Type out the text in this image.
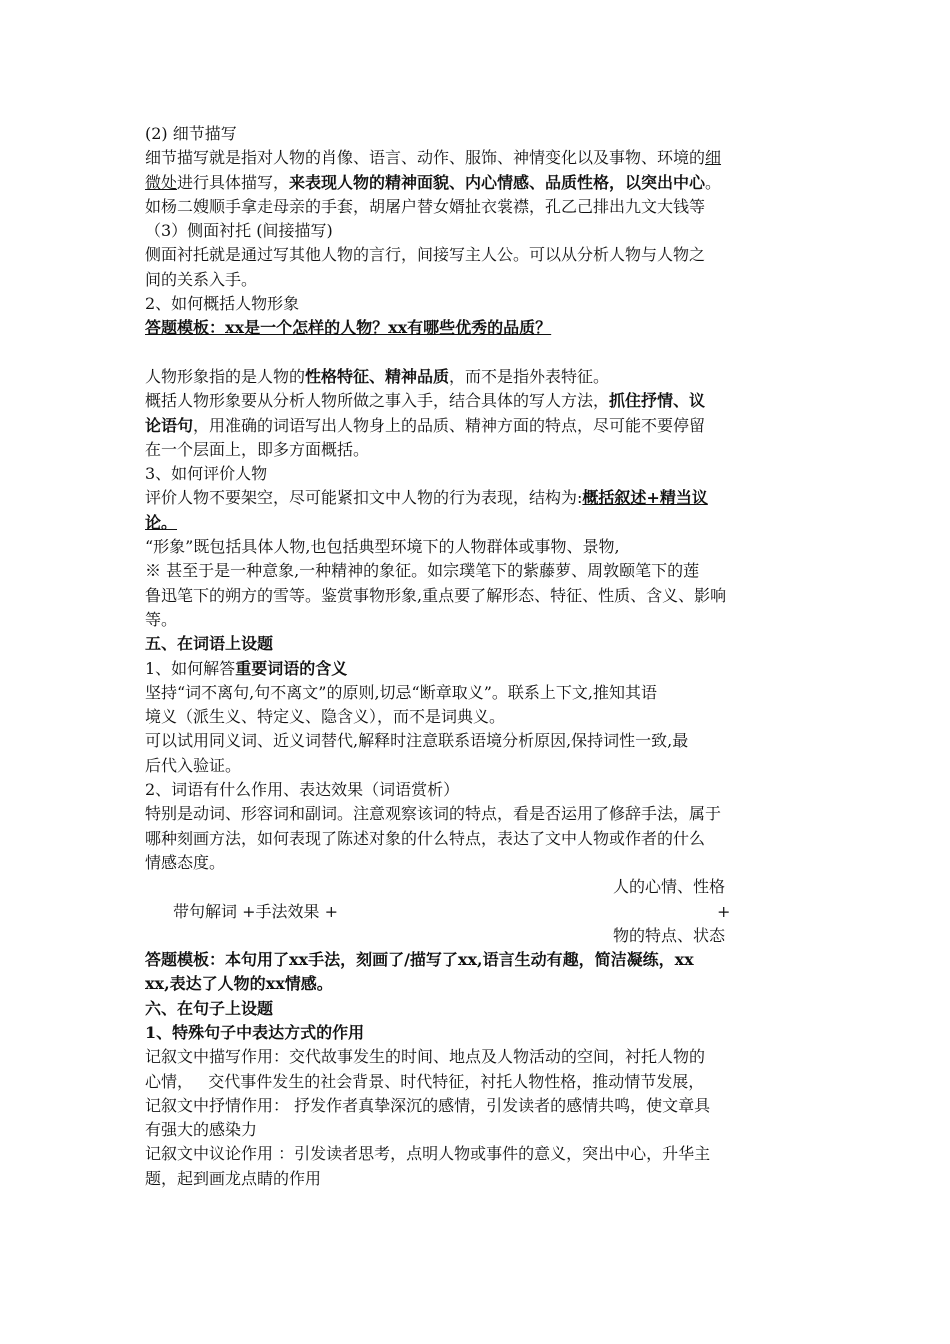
(2) 细节描写
细节描写就是指对人物的肖像、语言、动作、服饰、神情变化以及事物、环境的细
微处进行具体描写，来表现人物的精神面貌、内心情感、品质性格，以突出中心。
如杨二嫂顺手拿走母亲的手套，胡屠户替女婿扯衣裳襟，孔乙己排出九文大钱等
（3）侧面衬托 (间接描写)
侧面衬托就是通过写其他人物的言行，间接写主人公。可以从分析人物与人物之
间的关系入手。
2、如何概括人物形象
答题模板：xx是一个怎样的人物？xx有哪些优秀的品质？
人物形象指的是人物的性格特征、精神品质，而不是指外表特征。
概括人物形象要从分析人物所做之事入手，结合具体的写人方法，抓住抒情、议
论语句，用准确的词语写出人物身上的品质、精神方面的特点，尽可能不要停留
在一个层面上，即多方面概括。
3、如何评价人物
评价人物不要架空，尽可能紧扣文中人物的行为表现，结构为:概括叙述+精当议
论。
“形象”既包括具体人物,也包括典型环境下的人物群体或事物、景物,
※ 甚至于是一种意象,一种精神的象征。如宗璞笔下的紫藤萝、周敦颐笔下的莲
鲁迅笔下的朔方的雪等。鉴赏事物形象,重点要了解形态、特征、性质、含义、影响
等。
五、在词语上设题
1、如何解答重要词语的含义
坚持“词不离句,句不离文”的原则,切忌“断章取义”。联系上下文,推知其语
境义（派生义、特定义、隐含义），而不是词典义。
可以试用同义词、近义词替代,解释时注意联系语境分析原因,保持词性一致,最
后代入验证。
2、词语有什么作用、表达效果（词语赏析）
特别是动词、形容词和副词。注意观察该词的特点，看是否运用了修辞手法，属于
哪种刻画方法，如何表现了陈述对象的什么特点，表达了文中人物或作者的什么
情感态度。
人的心情、性格
带句解词 +手法效果 +	+
物的特点、状态
答题模板：本句用了xx手法，刻画了/描写了xx,语言生动有趣，简洁凝练，xx
xx,表达了人物的xx情感。
六、在句子上设题
1、特殊句子中表达方式的作用
记叙文中描写作用：交代故事发生的时间、地点及人物活动的空间，衬托人物的
心情，   交代事件发生的社会背景、时代特征，衬托人物性格，推动情节发展，
记叙文中抒情作用： 抒发作者真挚深沉的感情，引发读者的感情共鸣，使文章具
有强大的感染力
记叙文中议论作用 ：引发读者思考，点明人物或事件的意义，突出中心，升华主
题，起到画龙点睛的作用
